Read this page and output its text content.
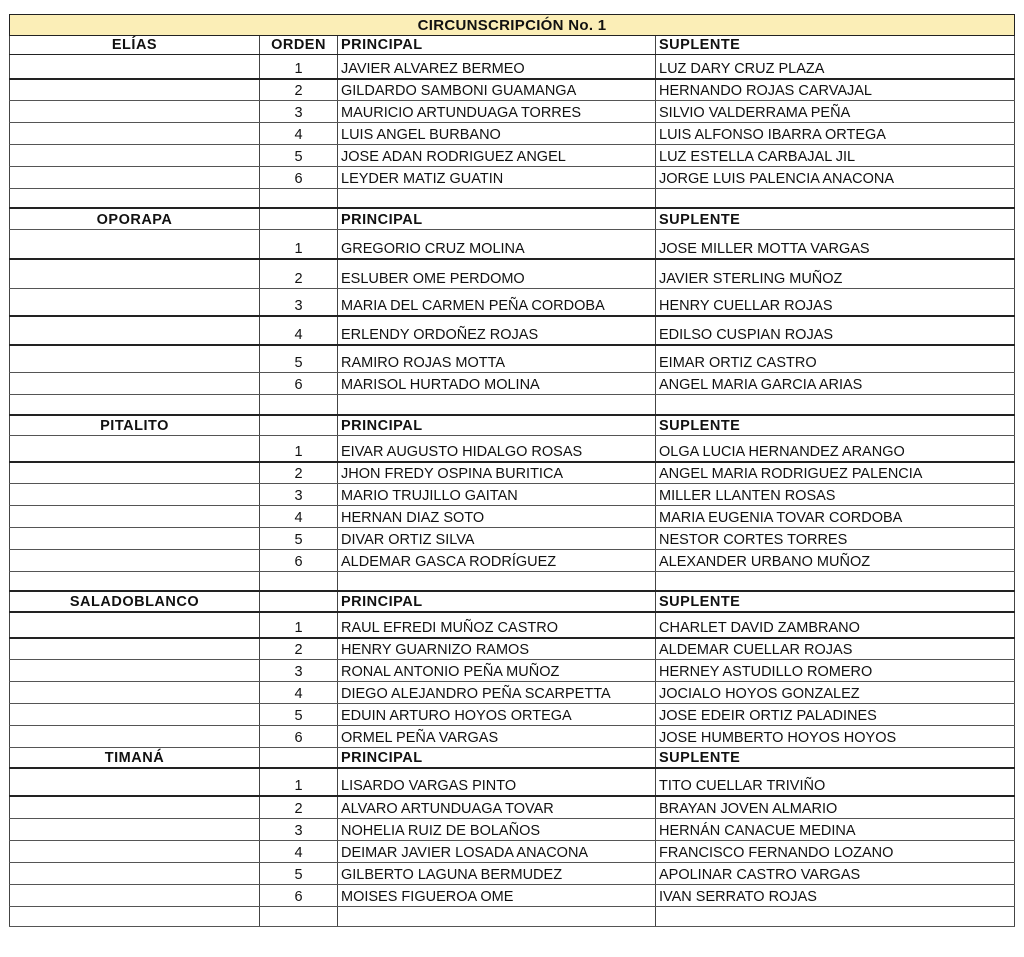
CIRCUNSCRIPCIÓN No. 1
ELÍAS	ORDEN	PRINCIPAL	SUPLENTE
1	JAVIER ALVAREZ BERMEO	LUZ DARY CRUZ PLAZA
2	GILDARDO SAMBONI GUAMANGA	HERNANDO ROJAS CARVAJAL
3	MAURICIO ARTUNDUAGA TORRES	SILVIO VALDERRAMA PEÑA
4	LUIS ANGEL BURBANO	LUIS ALFONSO IBARRA ORTEGA
5	JOSE ADAN RODRIGUEZ ANGEL	LUZ ESTELLA CARBAJAL JIL
6	LEYDER MATIZ GUATIN	JORGE LUIS PALENCIA ANACONA
OPORAPA	PRINCIPAL	SUPLENTE
1	GREGORIO CRUZ MOLINA	JOSE MILLER MOTTA VARGAS
2	ESLUBER OME PERDOMO	JAVIER STERLING MUÑOZ
3	MARIA DEL CARMEN PEÑA CORDOBA	HENRY CUELLAR ROJAS
4	ERLENDY ORDOÑEZ ROJAS	EDILSO CUSPIAN ROJAS
5	RAMIRO ROJAS MOTTA	EIMAR ORTIZ CASTRO
6	MARISOL HURTADO MOLINA	ANGEL MARIA GARCIA ARIAS
PITALITO	PRINCIPAL	SUPLENTE
1	EIVAR AUGUSTO HIDALGO ROSAS	OLGA LUCIA HERNANDEZ ARANGO
2	JHON FREDY OSPINA BURITICA	ANGEL MARIA RODRIGUEZ PALENCIA
3	MARIO TRUJILLO GAITAN	MILLER LLANTEN ROSAS
4	HERNAN DIAZ SOTO	MARIA EUGENIA TOVAR CORDOBA
5	DIVAR ORTIZ SILVA	NESTOR CORTES TORRES
6	ALDEMAR GASCA RODRÍGUEZ	ALEXANDER URBANO MUÑOZ
SALADOBLANCO	PRINCIPAL	SUPLENTE
1	RAUL EFREDI MUÑOZ CASTRO	CHARLET DAVID ZAMBRANO
2	HENRY GUARNIZO RAMOS	ALDEMAR CUELLAR ROJAS
3	RONAL ANTONIO PEÑA MUÑOZ	HERNEY ASTUDILLO ROMERO
4	DIEGO ALEJANDRO PEÑA SCARPETTA	JOCIALO HOYOS GONZALEZ
5	EDUIN ARTURO HOYOS ORTEGA	JOSE EDEIR ORTIZ PALADINES
6	ORMEL PEÑA VARGAS	JOSE HUMBERTO HOYOS HOYOS
TIMANÁ	PRINCIPAL	SUPLENTE
1	LISARDO VARGAS PINTO	TITO CUELLAR TRIVIÑO
2	ALVARO ARTUNDUAGA TOVAR	BRAYAN JOVEN ALMARIO
3	NOHELIA RUIZ DE BOLAÑOS	HERNÁN CANACUE MEDINA
4	DEIMAR JAVIER LOSADA ANACONA	FRANCISCO FERNANDO LOZANO
5	GILBERTO LAGUNA BERMUDEZ	APOLINAR CASTRO VARGAS
6	MOISES FIGUEROA OME	IVAN SERRATO ROJAS
